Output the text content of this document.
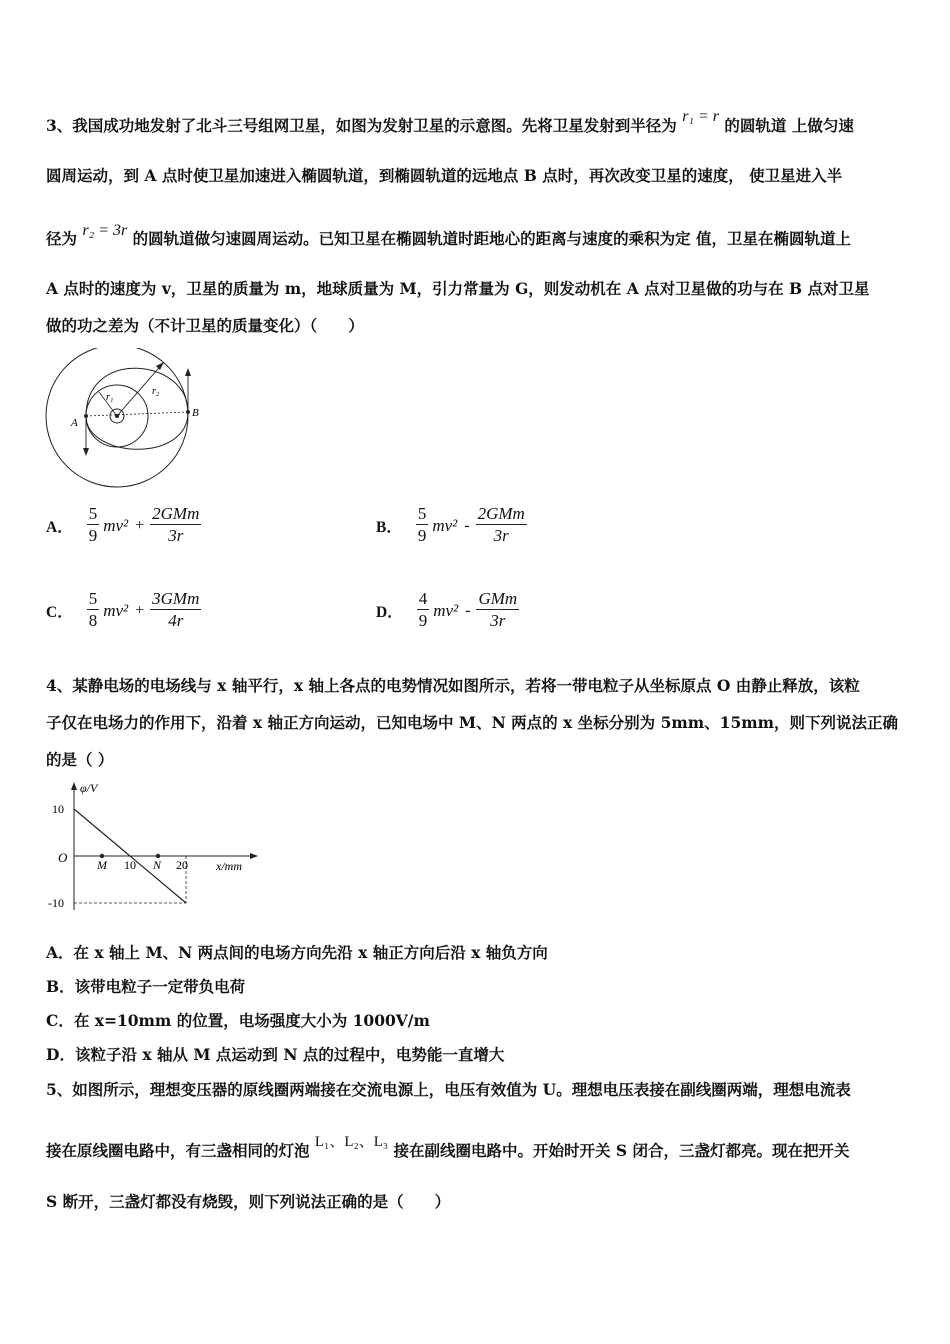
3、我国成功地发射了北斗三号组网卫星，如图为发射卫星的示意图。先将卫星发射到半径为 r₁ = r 的圆轨道 上做匀速
圆周运动，到 A 点时使卫星加速进入椭圆轨道，到椭圆轨道的远地点 B 点时，再次改变卫星的速度， 使卫星进入半
径为 r₂ = 3r 的圆轨道做匀速圆周运动。已知卫星在椭圆轨道时距地心的距离与速度的乘积为定 值，卫星在椭圆轨道上
A 点时的速度为 v，卫星的质量为 m，地球质量为 M，引力常量为 G，则发动机在 A 点对卫星做的功与在 B 点对卫星
做的功之差为（不计卫星的质量变化）（　　）
r₁
r₂
A
B
A． $\frac{5}{9} mv^2 + \frac{\text{2GMm}}{3r}$	B． $\frac{5}{9} mv^2 - \frac{\text{2GMm}}{3r}$
C． $\frac{5}{8} mv^2 + \frac{\text{3GMm}}{4r}$	D． $\frac{4}{9} mv^2 - \frac{\text{GMm}}{3r}$
4、某静电场的电场线与 x 轴平行，x 轴上各点的电势情况如图所示，若将一带电粒子从坐标原点 O 由静止释放，该粒
子仅在电场力的作用下，沿着 x 轴正方向运动，已知电场中 M、N 两点的 x 坐标分别为 5mm、15mm，则下列说法正确
的是（ ）
φ/V
x/mm
O
10
-10
10	20
M	N
A．在 x 轴上 M、N 两点间的电场方向先沿 x 轴正方向后沿 x 轴负方向
B．该带电粒子一定带负电荷
C．在 x=10mm 的位置，电场强度大小为 1000V/m
D．该粒子沿 x 轴从 M 点运动到 N 点的过程中，电势能一直增大
5、如图所示，理想变压器的原线圈两端接在交流电源上，电压有效值为 U。理想电压表接在副线圈两端，理想电流表
接在原线圈电路中，有三盏相同的灯泡 L₁、L₂、L₃ 接在副线圈电路中。开始时开关 S 闭合，三盏灯都亮。现在把开关
S 断开，三盏灯都没有烧毁，则下列说法正确的是（　　）
